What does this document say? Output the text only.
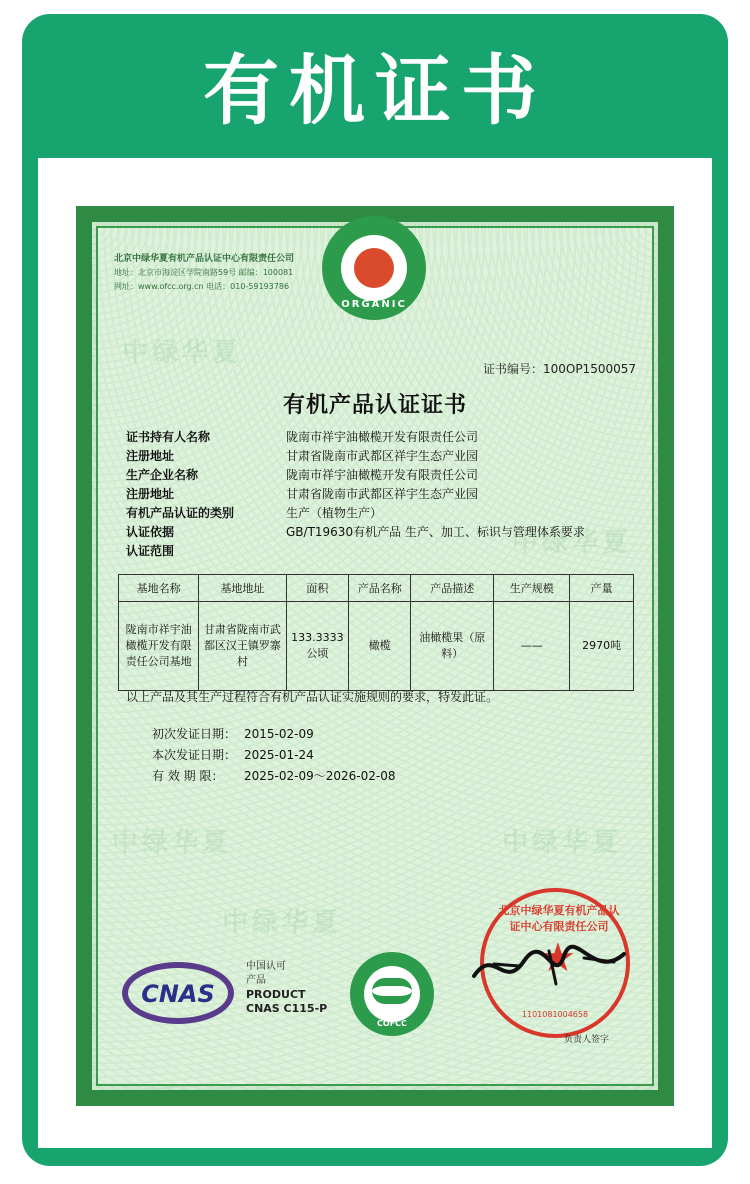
有机证书
中绿华夏
中绿华夏
中绿华夏	中绿华夏
中绿华夏
北京中绿华夏有机产品认证中心有限责任公司
地址：北京市海淀区学院南路59号 邮编：100081
网址：www.ofcc.org.cn 电话：010-59193786
ORGANIC
证书编号：100OP1500057
有机产品认证证书
证书持有人名称	陇南市祥宇油橄榄开发有限责任公司
注册地址	甘肃省陇南市武都区祥宇生态产业园
生产企业名称	陇南市祥宇油橄榄开发有限责任公司
注册地址	甘肃省陇南市武都区祥宇生态产业园
有机产品认证的类别	生产（植物生产）
认证依据	GB/T19630有机产品 生产、加工、标识与管理体系要求
认证范围
基地名称	基地地址	面积	产品名称	产品描述	生产规模	产量
陇南市祥宇油橄榄开发有限责任公司基地	甘肃省陇南市武都区汉王镇罗寨村	133.3333公顷	橄榄	油橄榄果（原料）	——	2970吨
以上产品及其生产过程符合有机产品认证实施规则的要求，特发此证。
初次发证日期： 2015-02-09
本次发证日期： 2025-01-24
有 效 期 限：	2025-02-09～2026-02-08
CNAS
中国认可
产品
PRODUCT
CNAS C115-P
COFCC
北京中绿华夏有机产品认证中心有限责任公司
★
1101081004658
负责人签字
